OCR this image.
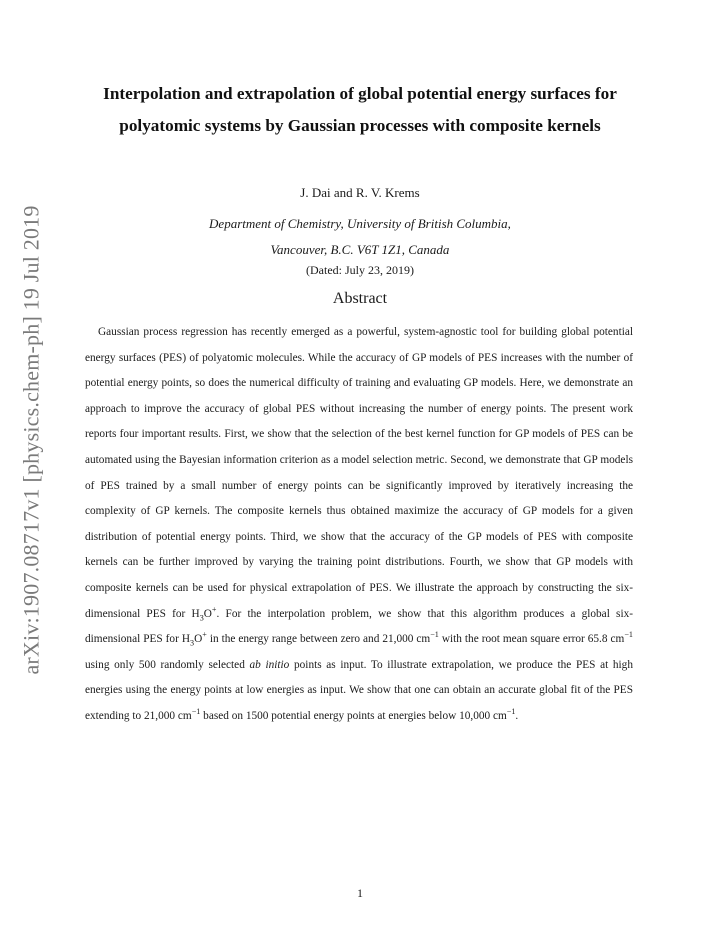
arXiv:1907.08717v1 [physics.chem-ph] 19 Jul 2019
Interpolation and extrapolation of global potential energy surfaces for polyatomic systems by Gaussian processes with composite kernels
J. Dai and R. V. Krems
Department of Chemistry, University of British Columbia,
Vancouver, B.C. V6T 1Z1, Canada
(Dated: July 23, 2019)
Abstract

Gaussian process regression has recently emerged as a powerful, system-agnostic tool for building global potential energy surfaces (PES) of polyatomic molecules. While the accuracy of GP models of PES increases with the number of potential energy points, so does the numerical difficulty of training and evaluating GP models. Here, we demonstrate an approach to improve the accuracy of global PES without increasing the number of energy points. The present work reports four important results. First, we show that the selection of the best kernel function for GP models of PES can be automated using the Bayesian information criterion as a model selection metric. Second, we demonstrate that GP models of PES trained by a small number of energy points can be significantly improved by iteratively increasing the complexity of GP kernels. The composite kernels thus obtained maximize the accuracy of GP models for a given distribution of potential energy points. Third, we show that the accuracy of the GP models of PES with composite kernels can be further improved by varying the training point distributions. Fourth, we show that GP models with composite kernels can be used for physical extrapolation of PES. We illustrate the approach by constructing the six-dimensional PES for $H_3O^+$. For the interpolation problem, we show that this algorithm produces a global six-dimensional PES for $H_3O^+$ in the energy range between zero and 21,000 $cm^{-1}$ with the root mean square error 65.8 $cm^{-1}$ using only 500 randomly selected ab initio points as input. To illustrate extrapolation, we produce the PES at high energies using the energy points at low energies as input. We show that one can obtain an accurate global fit of the PES extending to 21,000 $cm^{-1}$ based on 1500 potential energy points at energies below 10,000 $cm^{-1}$.

1
